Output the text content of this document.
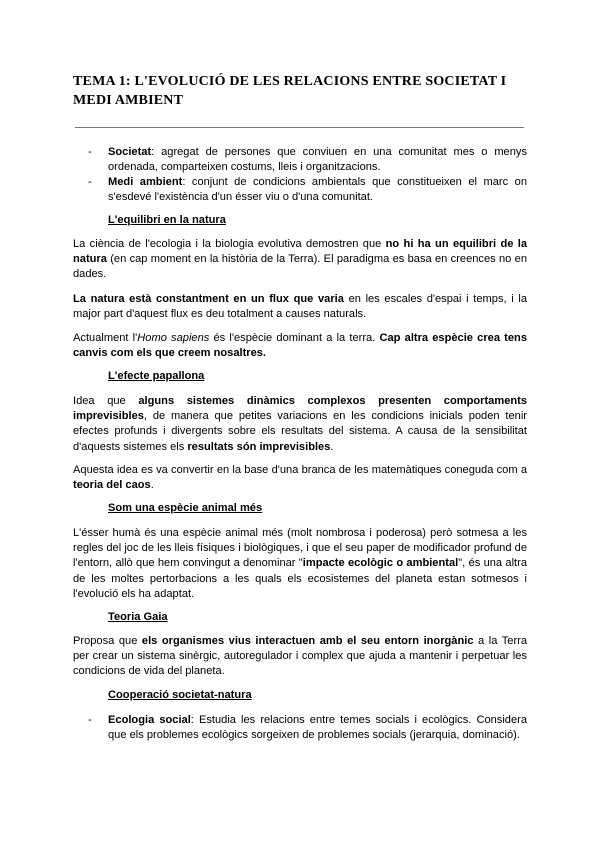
TEMA 1: L'EVOLUCIÓ DE LES RELACIONS ENTRE SOCIETAT I MEDI AMBIENT
- Societat: agregat de persones que conviuen en una comunitat mes o menys ordenada, comparteixen costums, lleis i organitzacions.
- Medi ambient: conjunt de condicions ambientals que constitueixen el marc on s'esdevé l'existència d'un ésser viu o d'una comunitat.
L'equilibri en la natura
La ciència de l'ecologia i la biologia evolutiva demostren que no hi ha un equilibri de la natura (en cap moment en la història de la Terra). El paradigma es basa en creences no en dades.
La natura està constantment en un flux que varia en les escales d'espai i temps, i la major part d'aquest flux es deu totalment a causes naturals.
Actualment l'Homo sapiens és l'espècie dominant a la terra. Cap altra espècie crea tens canvis com els que creem nosaltres.
L'efecte papallona
Idea que alguns sistemes dinàmics complexos presenten comportaments imprevisibles, de manera que petites variacions en les condicions inicials poden tenir efectes profunds i divergents sobre els resultats del sistema. A causa de la sensibilitat d'aquests sistemes els resultats són imprevisibles.
Aquesta idea es va convertir en la base d'una branca de les matemàtiques coneguda com a teoria del caos.
Som una espècie animal més
L'ésser humà és una espècie animal més (molt nombrosa i poderosa) però sotmesa a les regles del joc de les lleis físiques i biològiques, i que el seu paper de modificador profund de l'entorn, allò que hem convingut a denominar "impacte ecològic o ambiental", és una altra de les moltes pertorbacions a les quals els ecosistemes del planeta estan sotmesos i l'evolució els ha adaptat.
Teoria Gaia
Proposa que els organismes vius interactuen amb el seu entorn inorgànic a la Terra per crear un sistema sinèrgic, autoregulador i complex que ajuda a mantenir i perpetuar les condicions de vida del planeta.
Cooperació societat-natura
- Ecologia social: Estudia les relacions entre temes socials i ecològics. Considera que els problemes ecològics sorgeixen de problemes socials (jerarquia, dominació).
